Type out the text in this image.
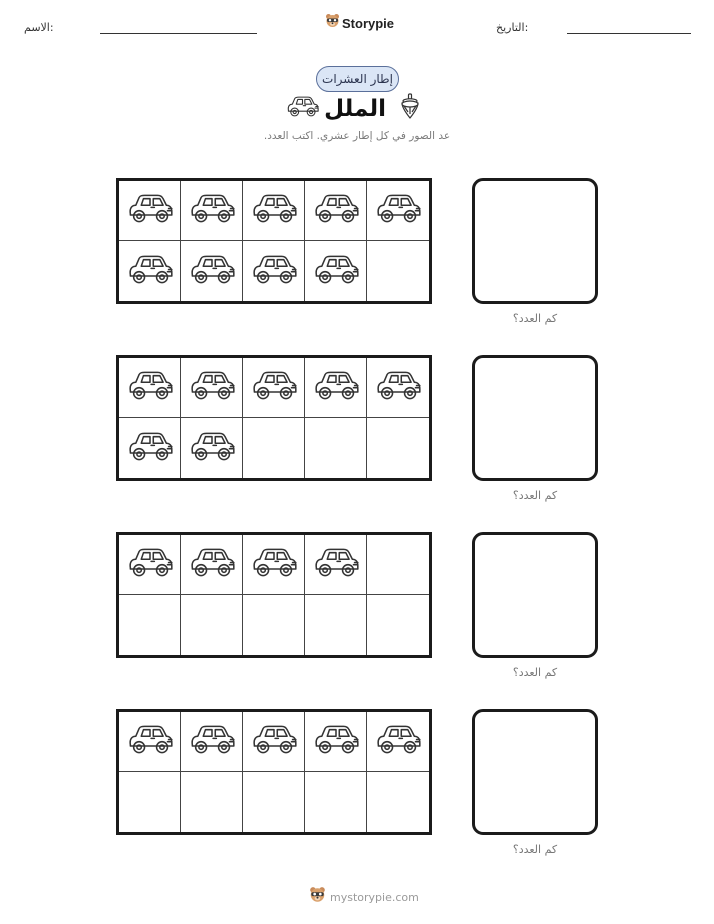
الاسم:	Storypie	التاريخ:
إطار العشرات
الملل
عد الصور في كل إطار عشري. اكتب العدد.
كم العدد؟
كم العدد؟
كم العدد؟
كم العدد؟
mystorypie.com
